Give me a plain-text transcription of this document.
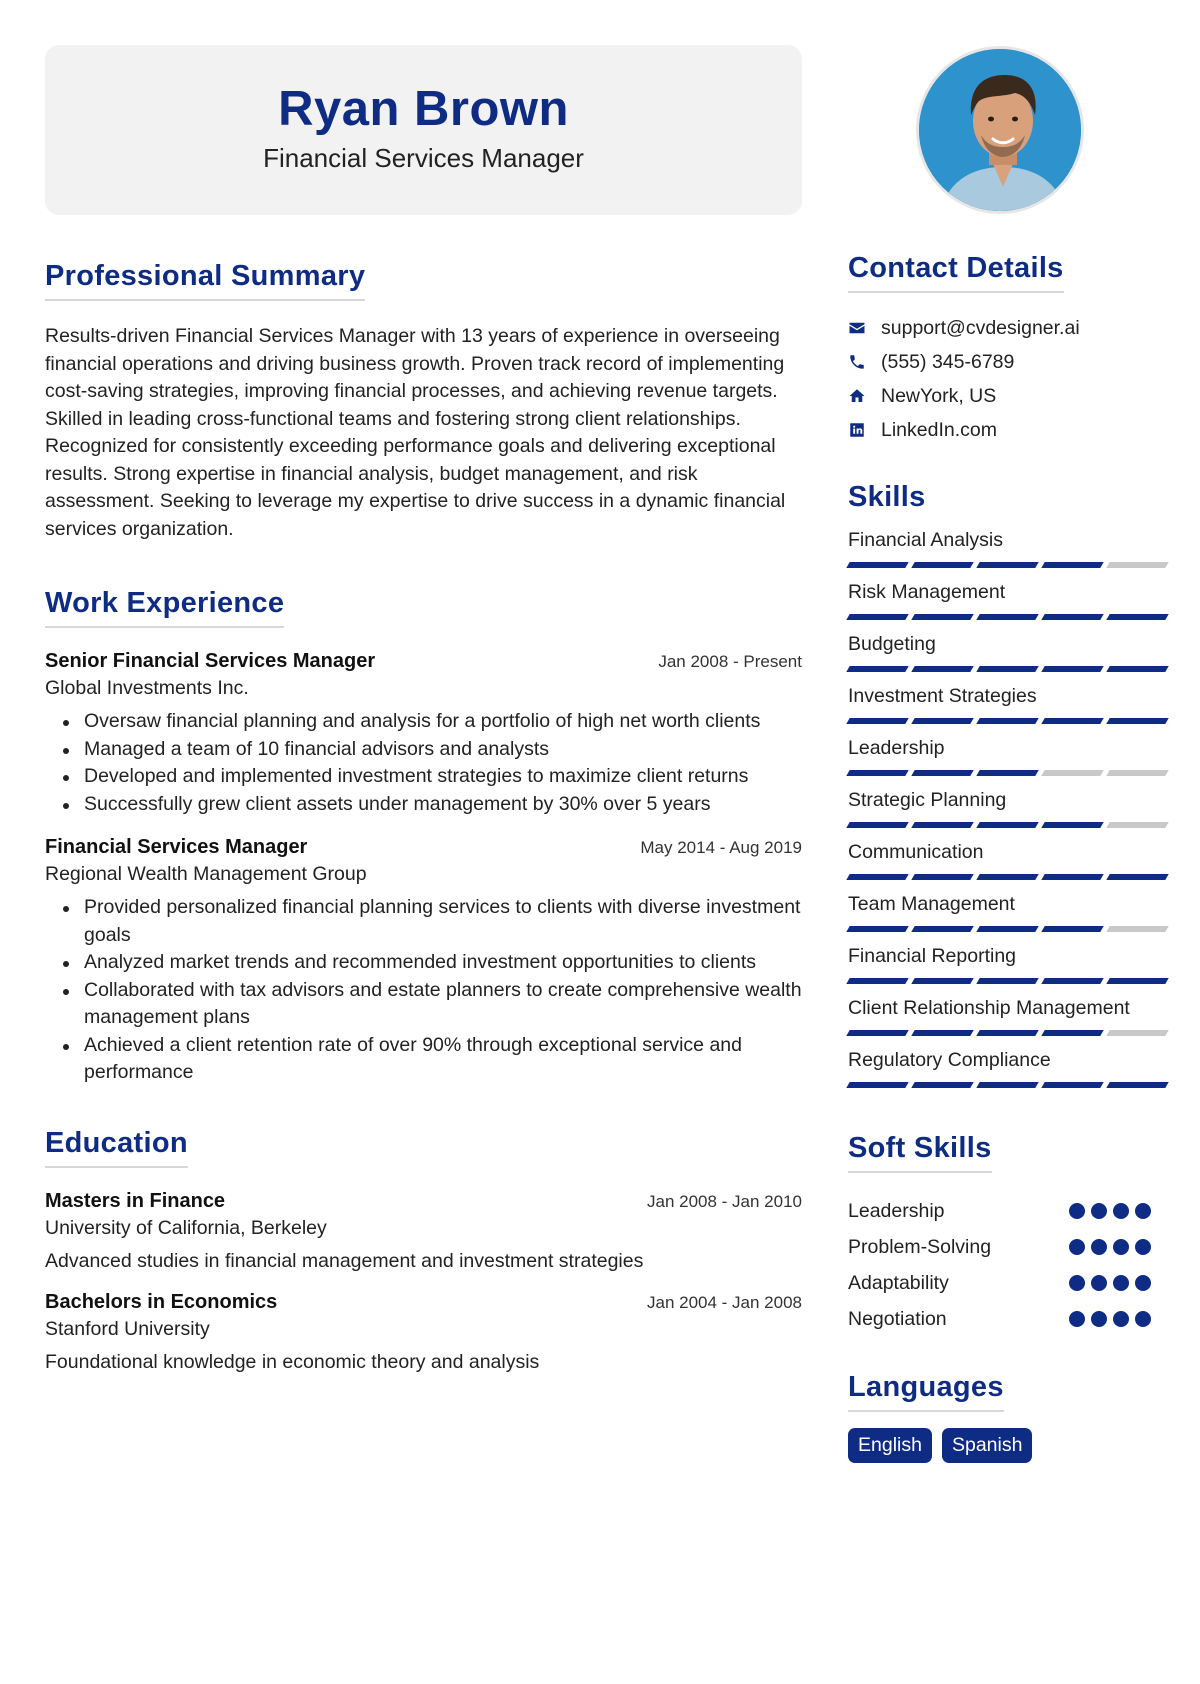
Ryan Brown
Financial Services Manager
Professional Summary

Results-driven Financial Services Manager with 13 years of experience in overseeing financial operations and driving business growth. Proven track record of implementing cost-saving strategies, improving financial processes, and achieving revenue targets. Skilled in leading cross-functional teams and fostering strong client relationships. Recognized for consistently exceeding performance goals and delivering exceptional results. Strong expertise in financial analysis, budget management, and risk assessment. Seeking to leverage my expertise to drive success in a dynamic financial services organization.

Work Experience
Senior Financial Services Manager	Jan 2008 - Present
Global Investments Inc.
Oversaw financial planning and analysis for a portfolio of high net worth clients
Managed a team of 10 financial advisors and analysts
Developed and implemented investment strategies to maximize client returns
Successfully grew client assets under management by 30% over 5 years
Financial Services Manager	May 2014 - Aug 2019
Regional Wealth Management Group
Provided personalized financial planning services to clients with diverse investment goals
Analyzed market trends and recommended investment opportunities to clients
Collaborated with tax advisors and estate planners to create comprehensive wealth management plans
Achieved a client retention rate of over 90% through exceptional service and performance
Education
Masters in Finance	Jan 2008 - Jan 2010
University of California, Berkeley
Advanced studies in financial management and investment strategies
Bachelors in Economics	Jan 2004 - Jan 2008
Stanford University
Foundational knowledge in economic theory and analysis
Contact Details
support@cvdesigner.ai
(555) 345-6789
NewYork, US
LinkedIn.com
Skills
Financial Analysis
Risk Management
Budgeting
Investment Strategies
Leadership
Strategic Planning
Communication
Team Management
Financial Reporting
Client Relationship Management
Regulatory Compliance
Soft Skills
Leadership
Problem-Solving
Adaptability
Negotiation
Languages
English	Spanish
